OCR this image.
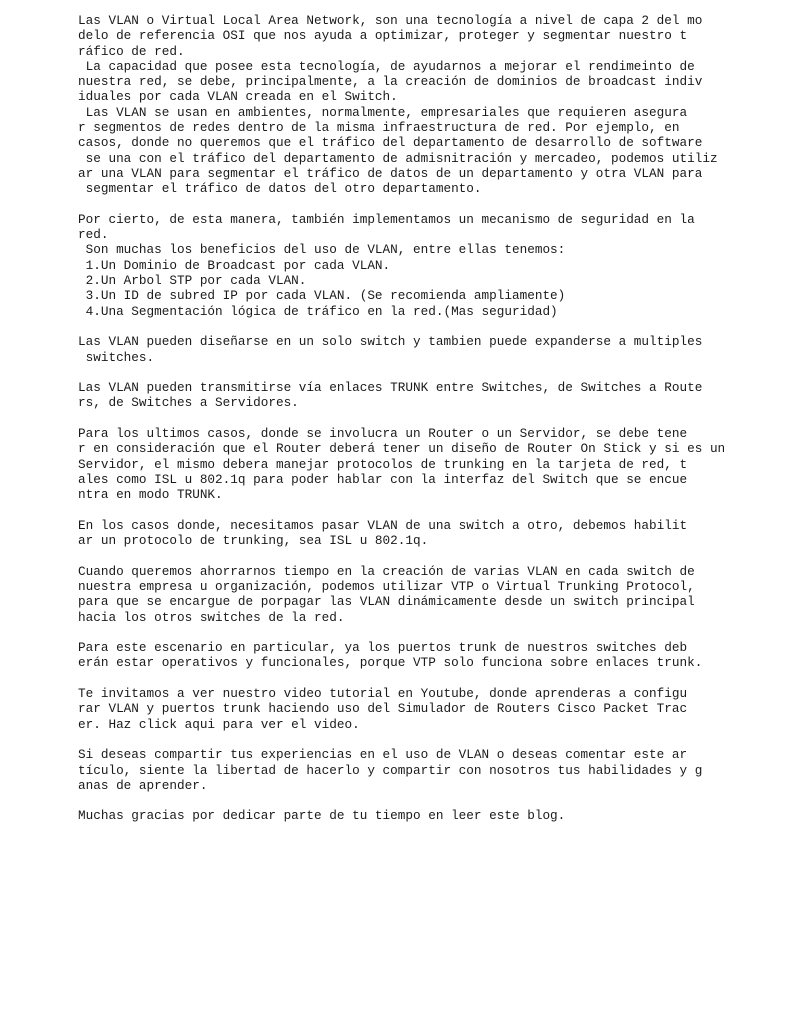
Las VLAN o Virtual Local Area Network, son una tecnología a nivel de capa 2 del mo
delo de referencia OSI que nos ayuda a optimizar, proteger y segmentar nuestro t
ráfico de red.
La capacidad que posee esta tecnología, de ayudarnos a mejorar el rendimeinto de
nuestra red, se debe, principalmente, a la creación de dominios de broadcast indiv
iduales por cada VLAN creada en el Switch.
Las VLAN se usan en ambientes, normalmente, empresariales que requieren asegura
r segmentos de redes dentro de la misma infraestructura de red. Por ejemplo, en
casos, donde no queremos que el tráfico del departamento de desarrollo de software
se una con el tráfico del departamento de admisnitración y mercadeo, podemos utiliz
ar una VLAN para segmentar el tráfico de datos de un departamento y otra VLAN para
segmentar el tráfico de datos del otro departamento.
Por cierto, de esta manera, también implementamos un mecanismo de seguridad en la
red.
Son muchas los beneficios del uso de VLAN, entre ellas tenemos:
1.Un Dominio de Broadcast por cada VLAN.
2.Un Arbol STP por cada VLAN.
3.Un ID de subred IP por cada VLAN. (Se recomienda ampliamente)
4.Una Segmentación lógica de tráfico en la red.(Mas seguridad)
Las VLAN pueden diseñarse en un solo switch y tambien puede expanderse a multiples
switches.
Las VLAN pueden transmitirse vía enlaces TRUNK entre Switches, de Switches a Route
rs, de Switches a Servidores.
Para los ultimos casos, donde se involucra un Router o un Servidor, se debe tene
r en consideración que el Router deberá tener un diseño de Router On Stick y si es un
Servidor, el mismo debera manejar protocolos de trunking en la tarjeta de red, t
ales como ISL u 802.1q para poder hablar con la interfaz del Switch que se encue
ntra en modo TRUNK.
En los casos donde, necesitamos pasar VLAN de una switch a otro, debemos habilit
ar un protocolo de trunking, sea ISL u 802.1q.
Cuando queremos ahorrarnos tiempo en la creación de varias VLAN en cada switch de
nuestra empresa u organización, podemos utilizar VTP o Virtual Trunking Protocol,
para que se encargue de porpagar las VLAN dinámicamente desde un switch principal
hacia los otros switches de la red.
Para este escenario en particular, ya los puertos trunk de nuestros switches deb
erán estar operativos y funcionales, porque VTP solo funciona sobre enlaces trunk.
Te invitamos a ver nuestro video tutorial en Youtube, donde aprenderas a configu
rar VLAN y puertos trunk haciendo uso del Simulador de Routers Cisco Packet Trac
er. Haz click aqui para ver el video.
Si deseas compartir tus experiencias en el uso de VLAN o deseas comentar este ar
tículo, siente la libertad de hacerlo y compartir con nosotros tus habilidades y g
anas de aprender.
Muchas gracias por dedicar parte de tu tiempo en leer este blog.
